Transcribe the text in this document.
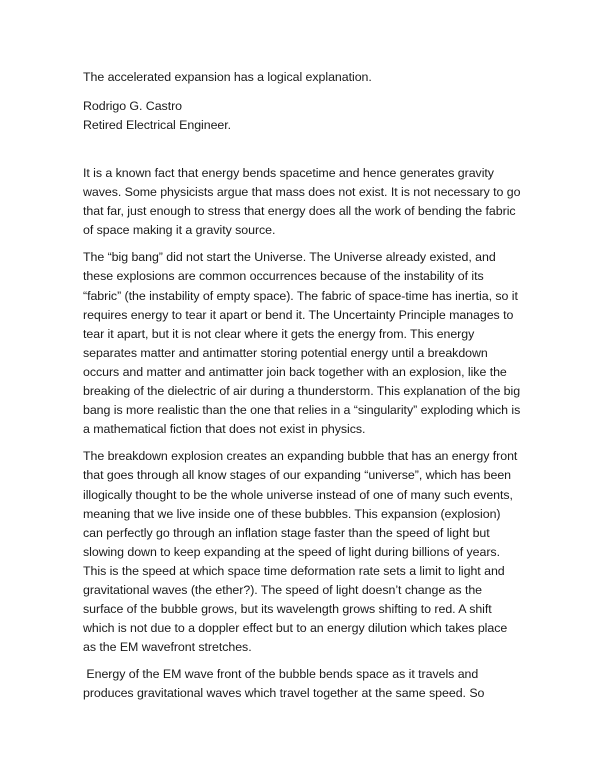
The accelerated expansion has a logical explanation.
Rodrigo G. Castro
Retired Electrical Engineer.

It is a known fact that energy bends spacetime and hence generates gravity waves. Some physicists argue that mass does not exist. It is not necessary to go that far, just enough to stress that energy does all the work of bending the fabric of space making it a gravity source.

The “big bang” did not start the Universe. The Universe already existed, and these explosions are common occurrences because of the instability of its “fabric” (the instability of empty space). The fabric of space-time has inertia, so it requires energy to tear it apart or bend it. The Uncertainty Principle manages to tear it apart, but it is not clear where it gets the energy from. This energy separates matter and antimatter storing potential energy until a breakdown occurs and matter and antimatter join back together with an explosion, like the breaking of the dielectric of air during a thunderstorm. This explanation of the big bang is more realistic than the one that relies in a “singularity” exploding which is a mathematical fiction that does not exist in physics.

The breakdown explosion creates an expanding bubble that has an energy front that goes through all know stages of our expanding “universe”, which has been illogically thought to be the whole universe instead of one of many such events, meaning that we live inside one of these bubbles. This expansion (explosion) can perfectly go through an inflation stage faster than the speed of light but slowing down to keep expanding at the speed of light during billions of years. This is the speed at which space time deformation rate sets a limit to light and gravitational waves (the ether?). The speed of light doesn’t change as the surface of the bubble grows, but its wavelength grows shifting to red. A shift which is not due to a doppler effect but to an energy dilution which takes place as the EM wavefront stretches.

Energy of the EM wave front of the bubble bends space as it travels and produces gravitational waves which travel together at the same speed. So
